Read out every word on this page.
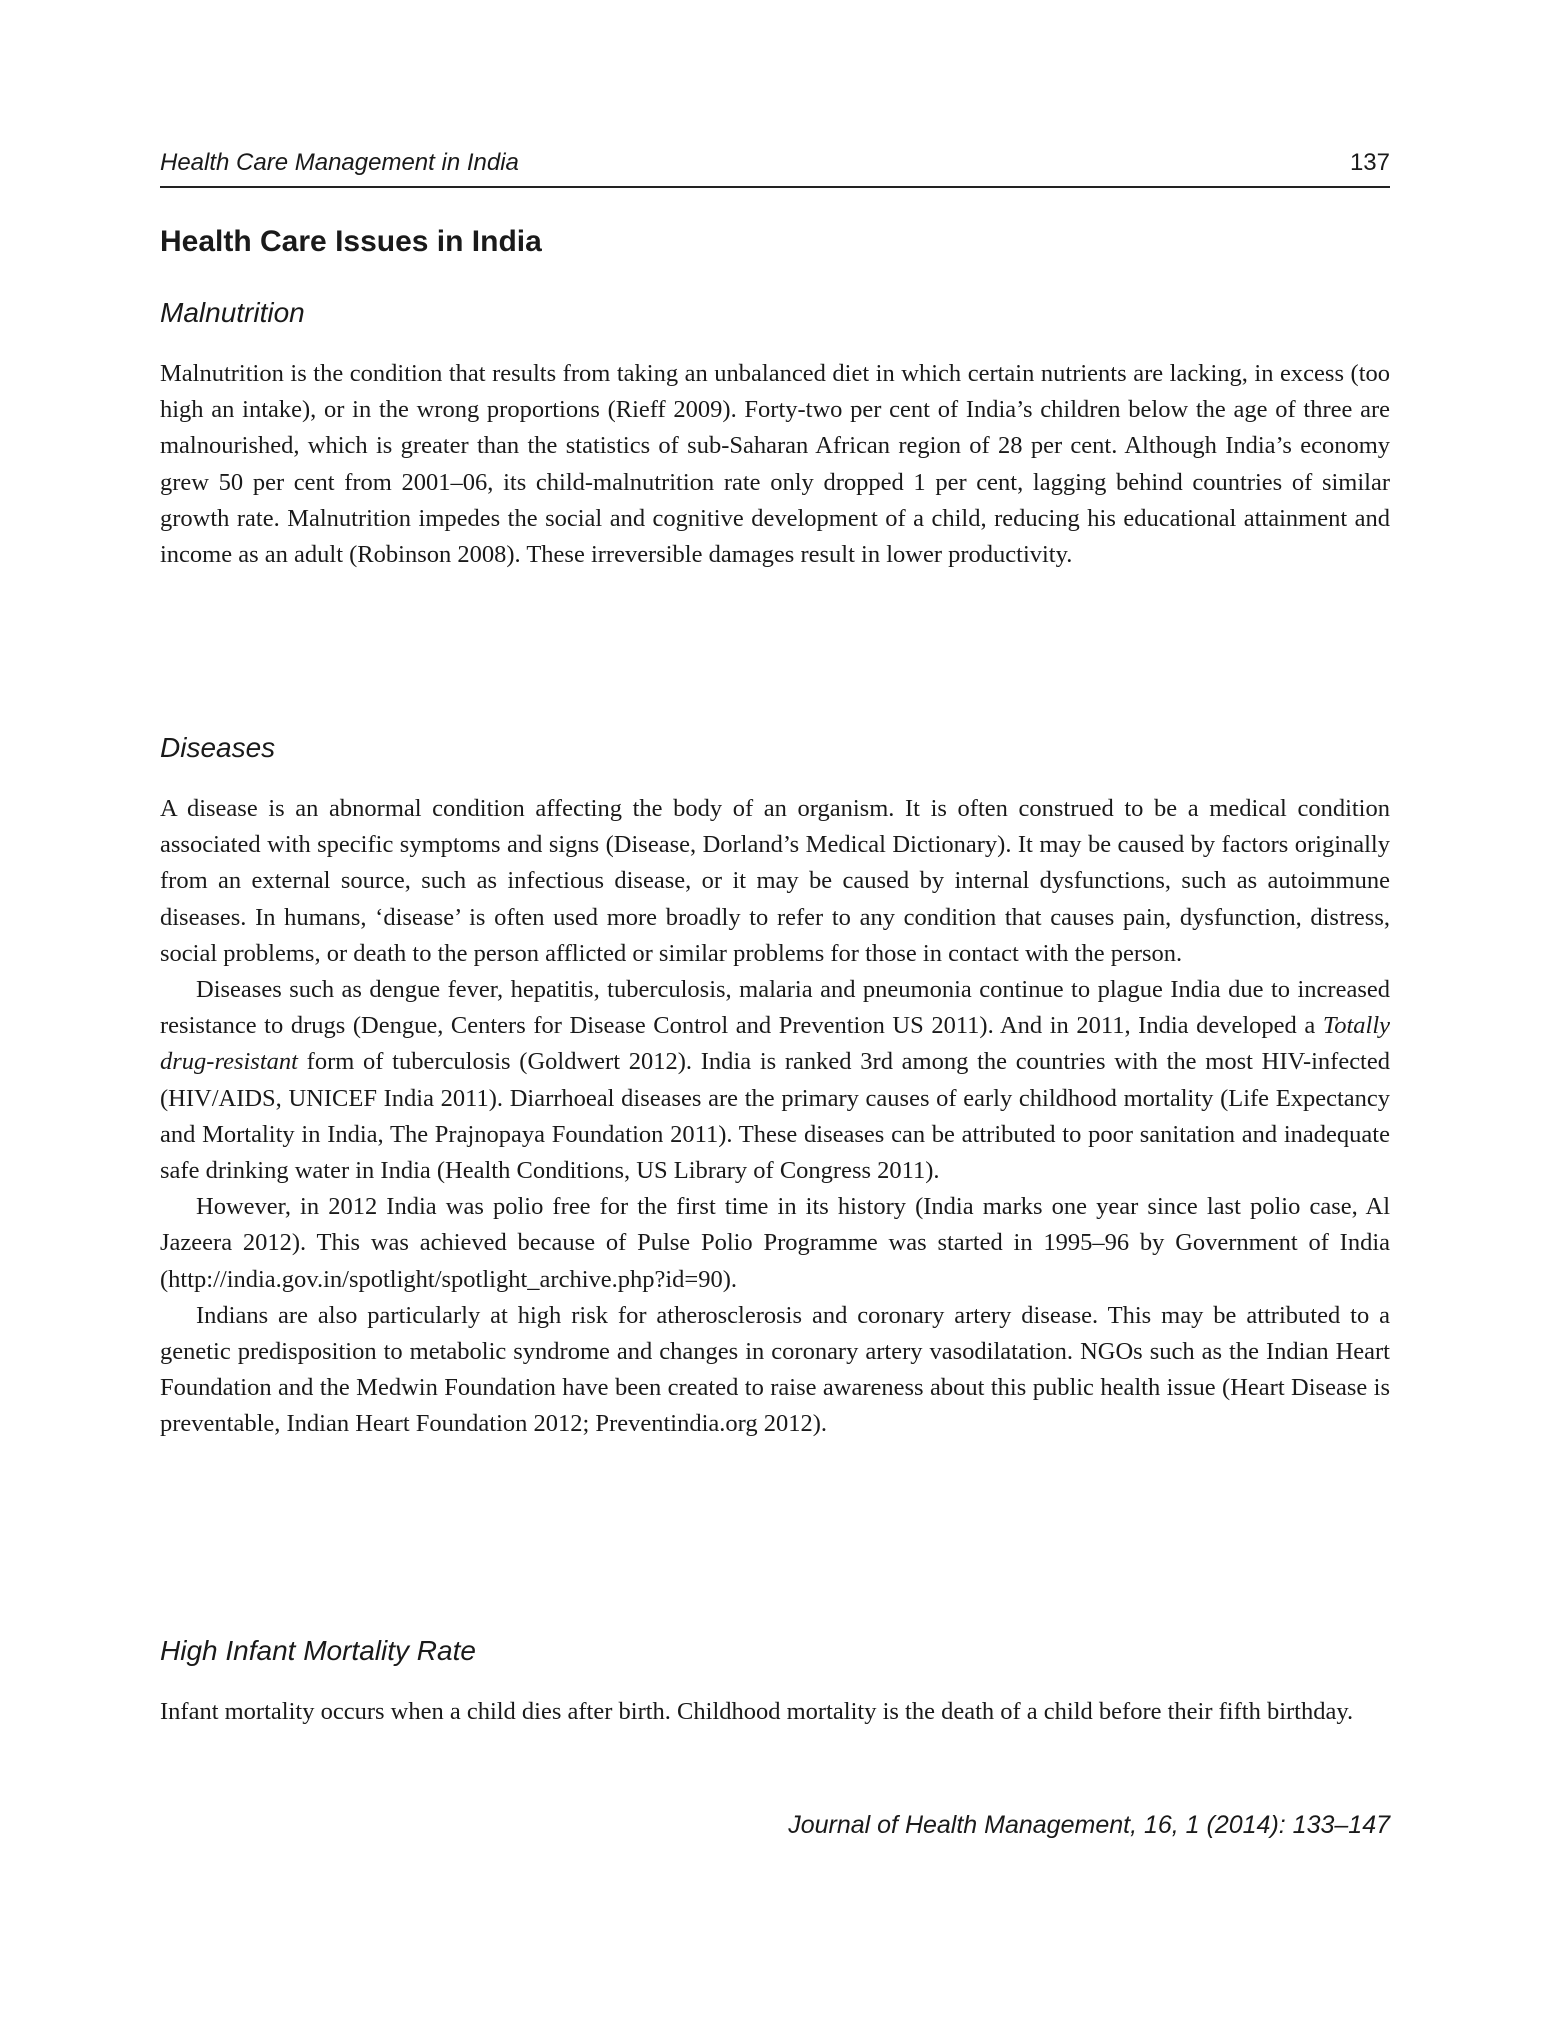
Health Care Management in India	137
Health Care Issues in India
Malnutrition

Malnutrition is the condition that results from taking an unbalanced diet in which certain nutrients are lacking, in excess (too high an intake), or in the wrong proportions (Rieff 2009). Forty-two per cent of India’s children below the age of three are malnourished, which is greater than the statistics of sub-Saharan African region of 28 per cent. Although India’s economy grew 50 per cent from 2001–06, its child-malnutrition rate only dropped 1 per cent, lagging behind countries of similar growth rate. Malnutrition impedes the social and cognitive development of a child, reducing his educational attainment and income as an adult (Robinson 2008). These irreversible damages result in lower productivity.

Diseases

A disease is an abnormal condition affecting the body of an organism. It is often construed to be a medical condition associated with specific symptoms and signs (Disease, Dorland’s Medical Dictionary). It may be caused by factors originally from an external source, such as infectious disease, or it may be caused by internal dysfunctions, such as autoimmune diseases. In humans, ‘disease’ is often used more broadly to refer to any condition that causes pain, dysfunction, distress, social problems, or death to the person afflicted or similar problems for those in contact with the person.

Diseases such as dengue fever, hepatitis, tuberculosis, malaria and pneumonia continue to plague India due to increased resistance to drugs (Dengue, Centers for Disease Control and Prevention US 2011). And in 2011, India developed a Totally drug-resistant form of tuberculosis (Goldwert 2012). India is ranked 3rd among the countries with the most HIV-infected (HIV/AIDS, UNICEF India 2011). Diarrhoeal diseases are the primary causes of early childhood mortality (Life Expectancy and Mortality in India, The Prajnopaya Foundation 2011). These diseases can be attributed to poor sanitation and inadequate safe drinking water in India (Health Conditions, US Library of Congress 2011).

However, in 2012 India was polio free for the first time in its history (India marks one year since last polio case, Al Jazeera 2012). This was achieved because of Pulse Polio Programme was started in 1995–96 by Government of India (http://india.gov.in/spotlight/spotlight_archive.php?id=90).

Indians are also particularly at high risk for atherosclerosis and coronary artery disease. This may be attributed to a genetic predisposition to metabolic syndrome and changes in coronary artery vasodilatation. NGOs such as the Indian Heart Foundation and the Medwin Foundation have been created to raise awareness about this public health issue (Heart Disease is preventable, Indian Heart Foundation 2012; Preventindia.org 2012).

High Infant Mortality Rate

Infant mortality occurs when a child dies after birth. Childhood mortality is the death of a child before their fifth birthday.

Journal of Health Management, 16, 1 (2014): 133–147
